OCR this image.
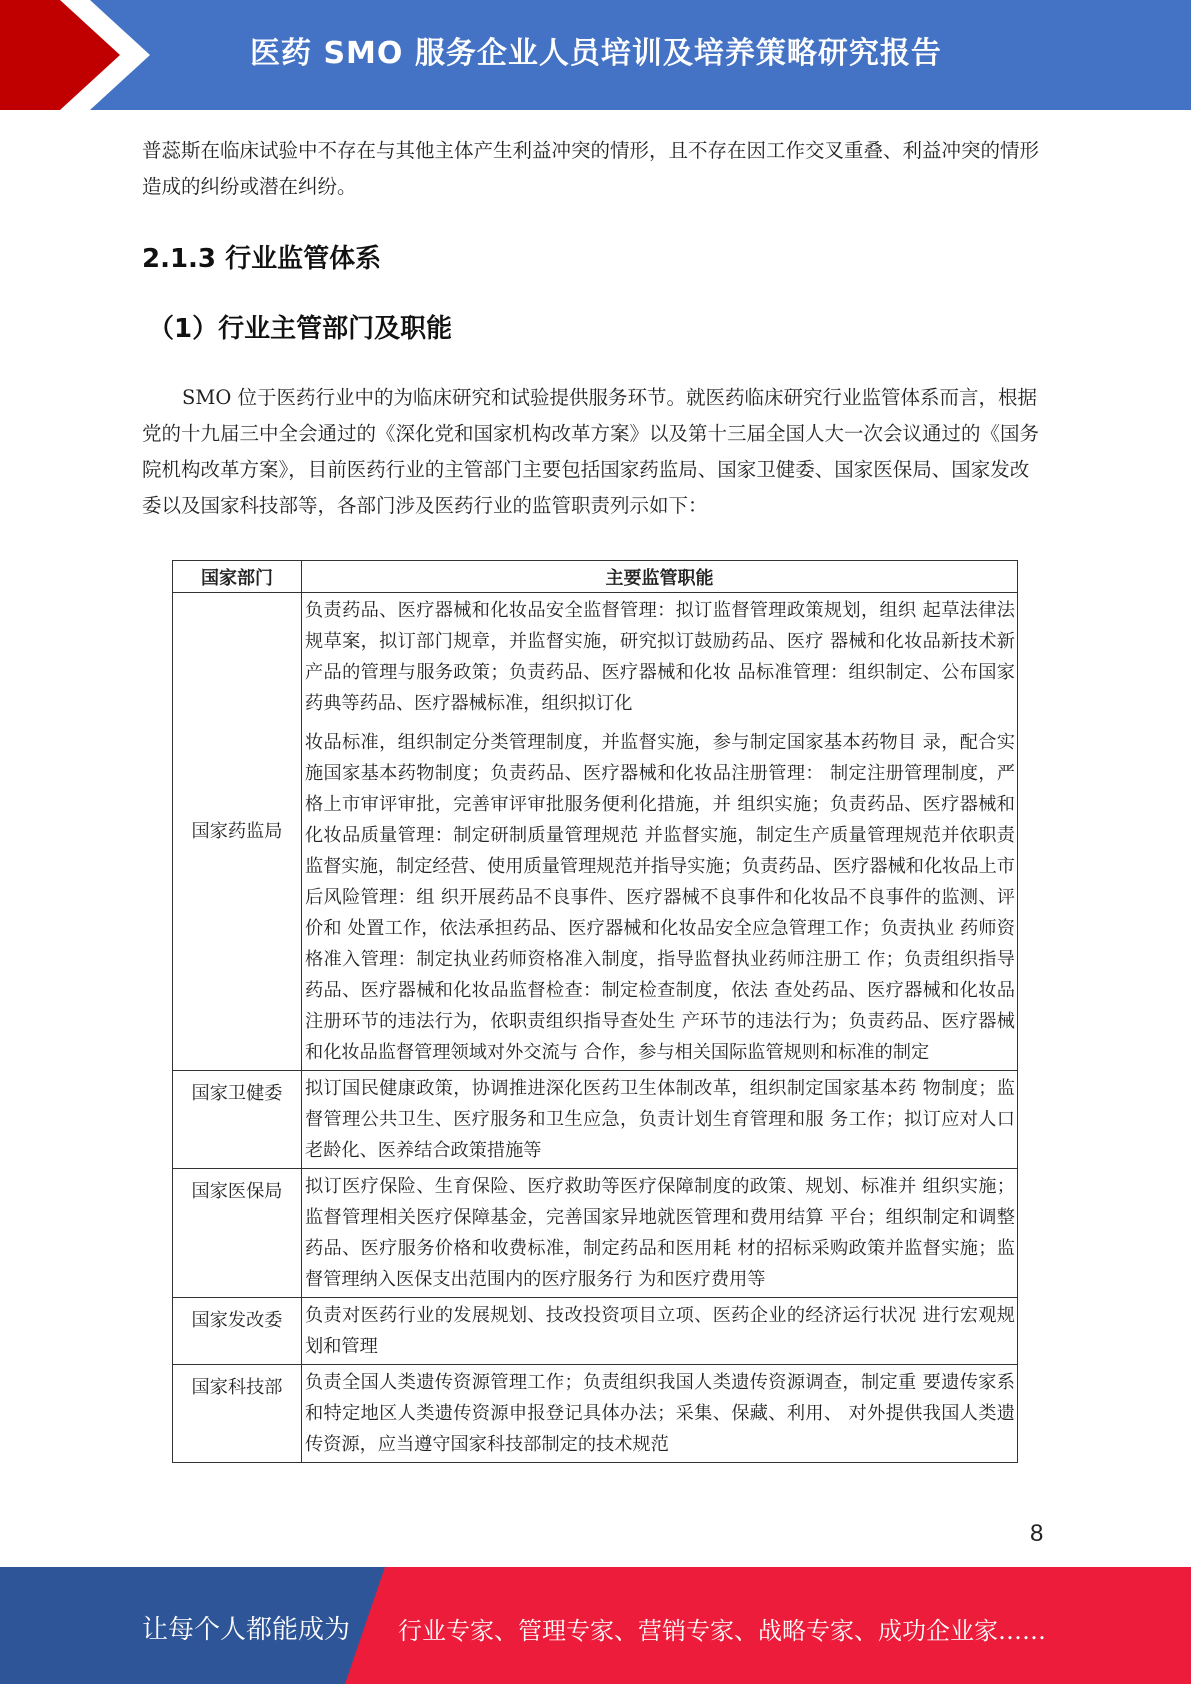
医药 SMO 服务企业人员培训及培养策略研究报告

普蕊斯在临床试验中不存在与其他主体产生利益冲突的情形，且不存在因工作交叉重叠、利益冲突的情形造成的纠纷或潜在纠纷。

2.1.3 行业监管体系
（1）行业主管部门及职能

SMO 位于医药行业中的为临床研究和试验提供服务环节。就医药临床研究行业监管体系而言，根据党的十九届三中全会通过的《深化党和国家机构改革方案》以及第十三届全国人大一次会议通过的《国务院机构改革方案》，目前医药行业的主管部门主要包括国家药监局、国家卫健委、国家医保局、国家发改委以及国家科技部等，各部门涉及医药行业的监管职责列示如下：

国家部门	主要监管职能
国家药监局	负责药品、医疗器械和化妆品安全监督管理：拟订监督管理政策规划，组织 起草法律法规草案，拟订部门规章，并监督实施，研究拟订鼓励药品、医疗 器械和化妆品新技术新产品的管理与服务政策；负责药品、医疗器械和化妆 品标准管理：组织制定、公布国家药典等药品、医疗器械标准，组织拟订化
妆品标准，组织制定分类管理制度，并监督实施，参与制定国家基本药物目 录，配合实施国家基本药物制度；负责药品、医疗器械和化妆品注册管理： 制定注册管理制度，严格上市审评审批，完善审评审批服务便利化措施，并 组织实施；负责药品、医疗器械和化妆品质量管理：制定研制质量管理规范 并监督实施，制定生产质量管理规范并依职责监督实施，制定经营、使用质量管理规范并指导实施；负责药品、医疗器械和化妆品上市后风险管理：组 织开展药品不良事件、医疗器械不良事件和化妆品不良事件的监测、评价和 处置工作，依法承担药品、医疗器械和化妆品安全应急管理工作；负责执业 药师资格准入管理：制定执业药师资格准入制度，指导监督执业药师注册工 作；负责组织指导药品、医疗器械和化妆品监督检查：制定检查制度，依法 查处药品、医疗器械和化妆品注册环节的违法行为，依职责组织指导查处生 产环节的违法行为；负责药品、医疗器械和化妆品监督管理领域对外交流与 合作，参与相关国际监管规则和标准的制定

国家卫健委	拟订国民健康政策，协调推进深化医药卫生体制改革，组织制定国家基本药 物制度；监督管理公共卫生、医疗服务和卫生应急，负责计划生育管理和服 务工作；拟订应对人口老龄化、医养结合政策措施等

国家医保局	拟订医疗保险、生育保险、医疗救助等医疗保障制度的政策、规划、标准并 组织实施；监督管理相关医疗保障基金，完善国家异地就医管理和费用结算 平台；组织制定和调整药品、医疗服务价格和收费标准，制定药品和医用耗 材的招标采购政策并监督实施；监督管理纳入医保支出范围内的医疗服务行 为和医疗费用等

国家发改委	负责对医药行业的发展规划、技改投资项目立项、医药企业的经济运行状况 进行宏观规划和管理

国家科技部	负责全国人类遗传资源管理工作；负责组织我国人类遗传资源调查，制定重 要遗传家系和特定地区人类遗传资源申报登记具体办法；采集、保藏、利用、 对外提供我国人类遗传资源，应当遵守国家科技部制定的技术规范
8
让每个人都能成为 行业专家、管理专家、营销专家、战略专家、成功企业家……
